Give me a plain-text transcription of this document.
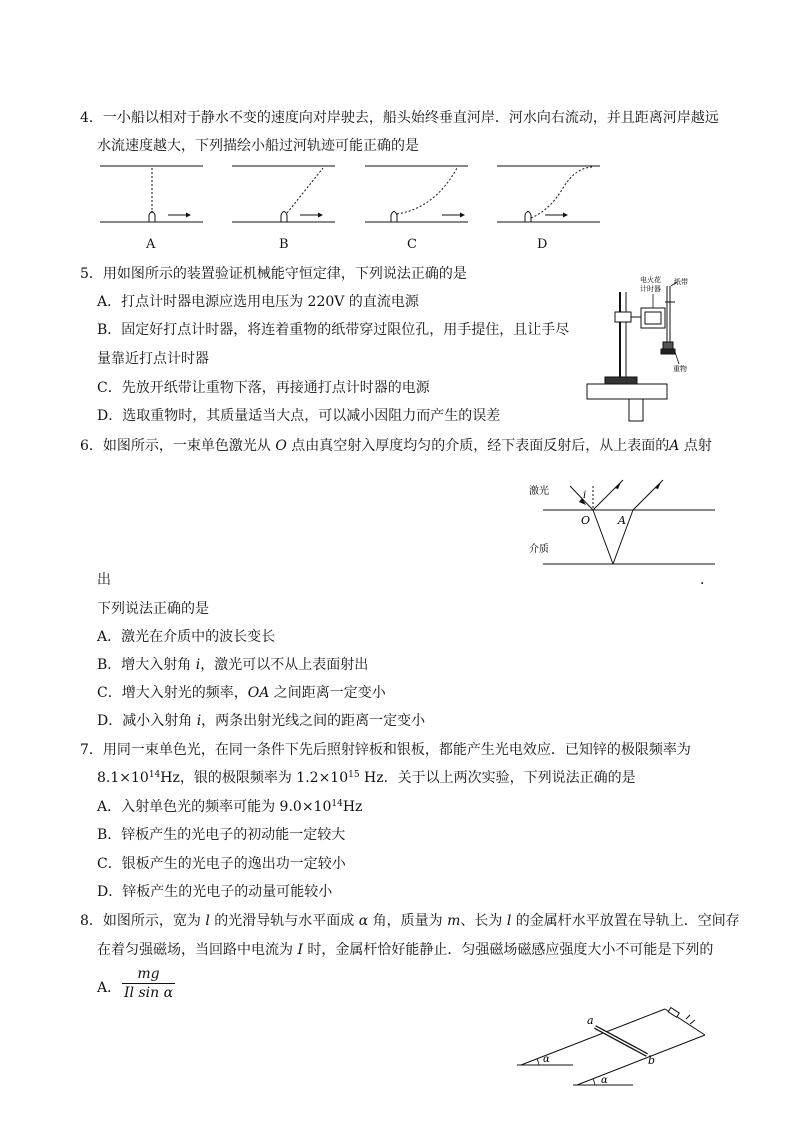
4．一小船以相对于静水不变的速度向对岸驶去，船头始终垂直河岸．河水向右流动，并且距离河岸越远
水流速度越大，下列描绘小船过河轨迹可能正确的是
A	B	C	D
5．用如图所示的装置验证机械能守恒定律，下列说法正确的是
A．打点计时器电源应选用电压为 220V 的直流电源
B．固定好打点计时器，将连着重物的纸带穿过限位孔，用手提住，且让手尽
量靠近打点计时器
C．先放开纸带让重物下落，再接通打点计时器的电源
D．选取重物时，其质量适当大点，可以减小因阻力而产生的误差
电火花
计时器
纸带
重物
6．如图所示，一束单色激光从 O 点由真空射入厚度均匀的介质，经下表面反射后，从上表面的A 点射
激光
介质
i
O	A
出	．
下列说法正确的是
A．激光在介质中的波长变长
B．增大入射角 i，激光可以不从上表面射出
C．增大入射光的频率，OA 之间距离一定变小
D．减小入射角 i，两条出射光线之间的距离一定变小
7．用同一束单色光，在同一条件下先后照射锌板和银板，都能产生光电效应．已知锌的极限频率为
$8.1\times 10^{14}Hz$，银的极限频率为 $1.2\times 10^{15}$ Hz．关于以上两次实验，下列说法正确的是
A．入射单色光的频率可能为 $9.0\times 10^{14}Hz$
B．锌板产生的光电子的初动能一定较大
C．银板产生的光电子的逸出功一定较小
D．锌板产生的光电子的动量可能较小
8．如图所示，宽为 l 的光滑导轨与水平面成 α 角，质量为 m、长为 l 的金属杆水平放置在导轨上．空间存
在着匀强磁场，当回路中电流为 I 时，金属杆恰好能静止．匀强磁场磁感应强度大小不可能是下列的
A．
mg
Il sin α
a
b
α
α
